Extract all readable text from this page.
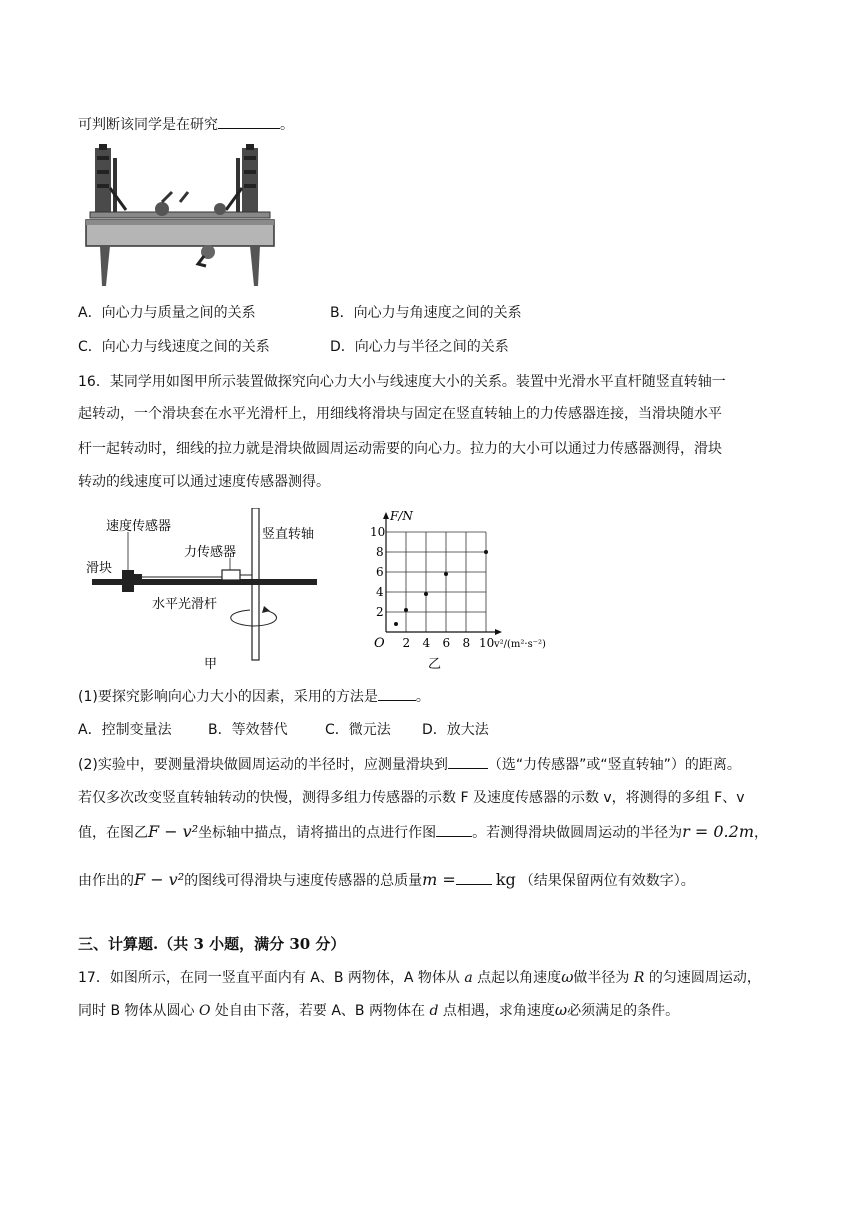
可判断该同学是在研究	。
A．向心力与质量之间的关系	B．向心力与角速度之间的关系
C．向心力与线速度之间的关系	D．向心力与半径之间的关系
16．某同学用如图甲所示装置做探究向心力大小与线速度大小的关系。装置中光滑水平直杆随竖直转轴一
起转动，一个滑块套在水平光滑杆上，用细线将滑块与固定在竖直转轴上的力传感器连接，当滑块随水平
杆一起转动时，细线的拉力就是滑块做圆周运动需要的向心力。拉力的大小可以通过力传感器测得，滑块
转动的线速度可以通过速度传感器测得。
速度传感器
力传感器
竖直转轴
滑块
水平光滑杆
甲
2 4 6 8 10
2
4
6
8
10
F/N
v²/(m²·s⁻²)
O
乙
(1)要探究影响向心力大小的因素，采用的方法是	。
A．控制变量法	B．等效替代	C．微元法 D．放大法
(2)实验中，要测量滑块做圆周运动的半径时，应测量滑块到	（选“力传感器”或“竖直转轴”）的距离。
若仅多次改变竖直转轴转动的快慢，测得多组力传感器的示数 F 及速度传感器的示数 v，将测得的多组 F、v
值，在图乙F − v²坐标轴中描点，请将描出的点进行作图	。若测得滑块做圆周运动的半径为r = 0.2m，
由作出的F − v²的图线可得滑块与速度传感器的总质量m =	kg （结果保留两位有效数字）。
三、计算题.（共 3 小题，满分 30 分）
17．如图所示，在同一竖直平面内有 A、B 两物体，A 物体从 a 点起以角速度ω做半径为 R 的匀速圆周运动，
同时 B 物体从圆心 O 处自由下落，若要 A、B 两物体在 d 点相遇，求角速度ω必须满足的条件。
